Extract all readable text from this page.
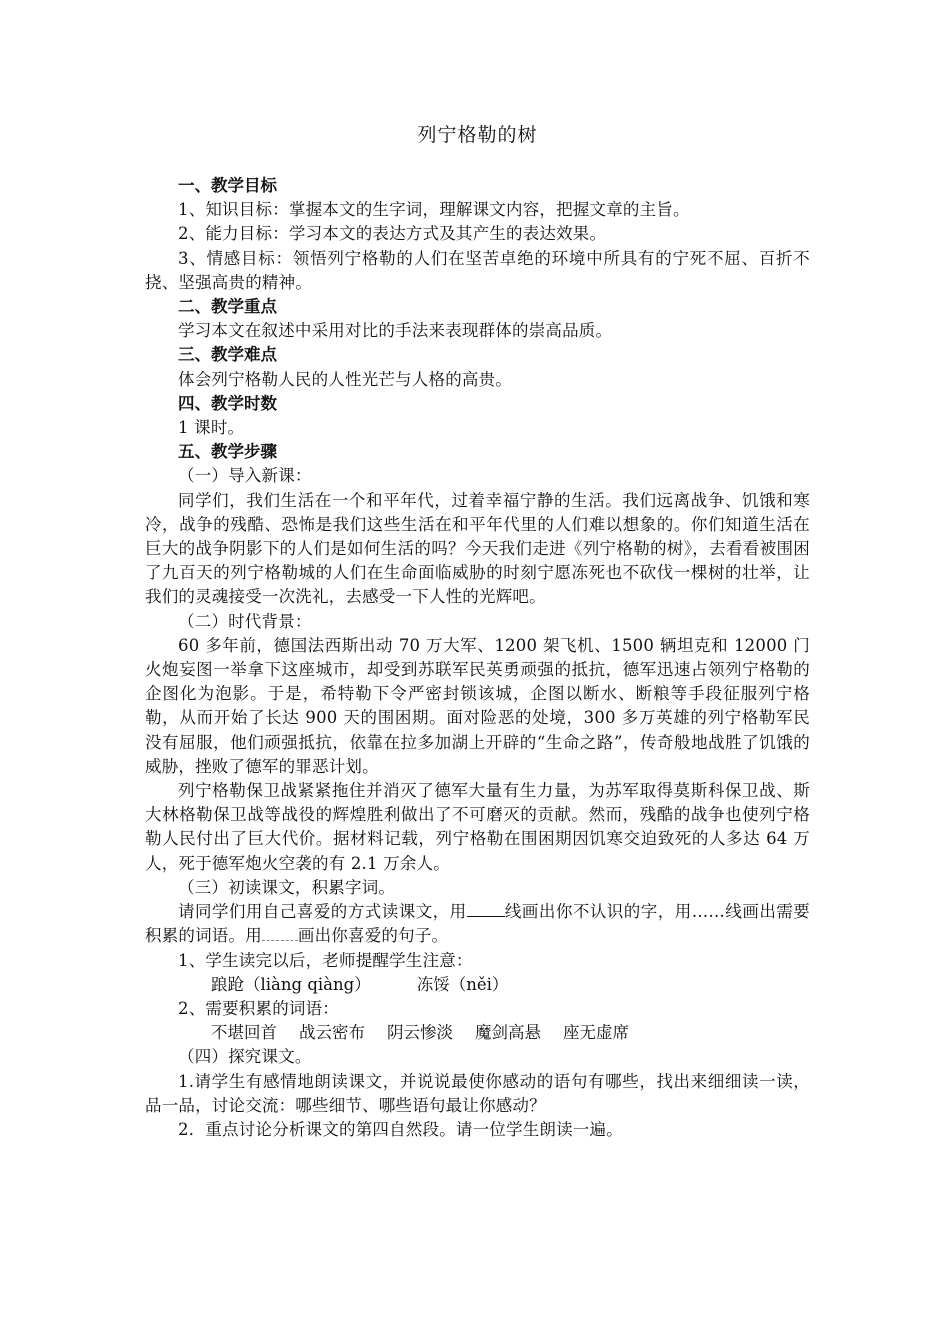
列宁格勒的树

一、教学目标

1、知识目标：掌握本文的生字词，理解课文内容，把握文章的主旨。

2、能力目标：学习本文的表达方式及其产生的表达效果。

3、情感目标：领悟列宁格勒的人们在坚苦卓绝的环境中所具有的宁死不屈、百折不挠、坚强高贵的精神。

二、教学重点

学习本文在叙述中采用对比的手法来表现群体的崇高品质。

三、教学难点

体会列宁格勒人民的人性光芒与人格的高贵。

四、教学时数

1 课时。

五、教学步骤

（一）导入新课：

同学们，我们生活在一个和平年代，过着幸福宁静的生活。我们远离战争、饥饿和寒冷，战争的残酷、恐怖是我们这些生活在和平年代里的人们难以想象的。你们知道生活在巨大的战争阴影下的人们是如何生活的吗？今天我们走进《列宁格勒的树》，去看看被围困了九百天的列宁格勒城的人们在生命面临威胁的时刻宁愿冻死也不砍伐一棵树的壮举，让我们的灵魂接受一次洗礼，去感受一下人性的光辉吧。

（二）时代背景：

60 多年前，德国法西斯出动 70 万大军、1200 架飞机、1500 辆坦克和 12000 门火炮妄图一举拿下这座城市，却受到苏联军民英勇顽强的抵抗，德军迅速占领列宁格勒的企图化为泡影。于是，希特勒下令严密封锁该城，企图以断水、断粮等手段征服列宁格勒，从而开始了长达 900 天的围困期。面对险恶的处境，300 多万英雄的列宁格勒军民没有屈服，他们顽强抵抗，依靠在拉多加湖上开辟的“生命之路”，传奇般地战胜了饥饿的威胁，挫败了德军的罪恶计划。

列宁格勒保卫战紧紧拖住并消灭了德军大量有生力量，为苏军取得莫斯科保卫战、斯大林格勒保卫战等战役的辉煌胜利做出了不可磨灭的贡献。然而，残酷的战争也使列宁格勒人民付出了巨大代价。据材料记载，列宁格勒在围困期因饥寒交迫致死的人多达 64 万人，死于德军炮火空袭的有 2.1 万余人。

（三）初读课文，积累字词。

请同学们用自己喜爱的方式读课文，用 线画出你不认识的字，用……线画出需要积累的词语。用 画出你喜爱的句子。

1、学生读完以后，老师提醒学生注意：

踉跄（liàng qiàng）	冻馁（něi）

2、需要积累的词语：

不堪回首 战云密布 阴云惨淡 魔剑高悬 座无虚席

（四）探究课文。

1.请学生有感情地朗读课文，并说说最使你感动的语句有哪些，找出来细细读一读，品一品，讨论交流：哪些细节、哪些语句最让你感动？

2．重点讨论分析课文的第四自然段。请一位学生朗读一遍。
